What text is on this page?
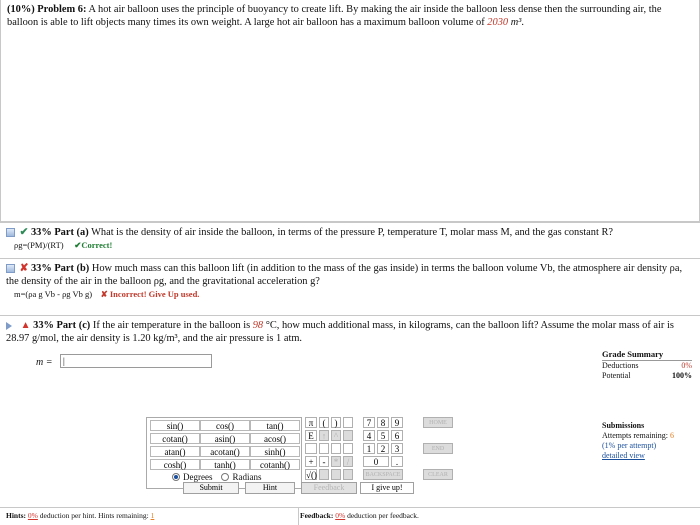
(10%) Problem 6: A hot air balloon uses the principle of buoyancy to create lift. By making the air inside the balloon less dense then the surrounding air, the balloon is able to lift objects many times its own weight. A large hot air balloon has a maximum balloon volume of 2030 m³.
✔ 33% Part (a) What is the density of air inside the balloon, in terms of the pressure P, temperature T, molar mass M, and the gas constant R?
ρg=(PM)/(RT) ✔Correct!
✘ 33% Part (b) How much mass can this balloon lift (in addition to the mass of the gas inside) in terms the balloon volume Vb, the atmosphere air density ρa, the density of the air in the balloon ρg, and the gravitational acceleration g?
m=(ρa g Vb - ρg Vb g) ✘ Incorrect! Give Up used.
▲ 33% Part (c) If the air temperature in the balloon is 98 °C, how much additional mass, in kilograms, can the balloon lift? Assume the molar mass of air is 28.97 g/mol, the air density is 1.20 kg/m³, and the air pressure is 1 atm.
m =
|
Grade Summary
Deductions	0%
Potential	100%
Submissions
Attempts remaining: 6
(1% per attempt)
detailed view
sin()	cos()	tan()
cotan()	asin()	acos()
atan()	acotan()	sinh()
cosh()	tanh()	cotanh()
Degrees Radians
π	(	)
E ↑ ^
+ - * /
√()
7	8	9
4	5	6
1	2	3
0	.
BACKSPACE
HOME
END
CLEAR
Submit	Hint	Feedback	I give up!
Hints: 0% deduction per hint. Hints remaining: 1	Feedback: 0% deduction per feedback.
